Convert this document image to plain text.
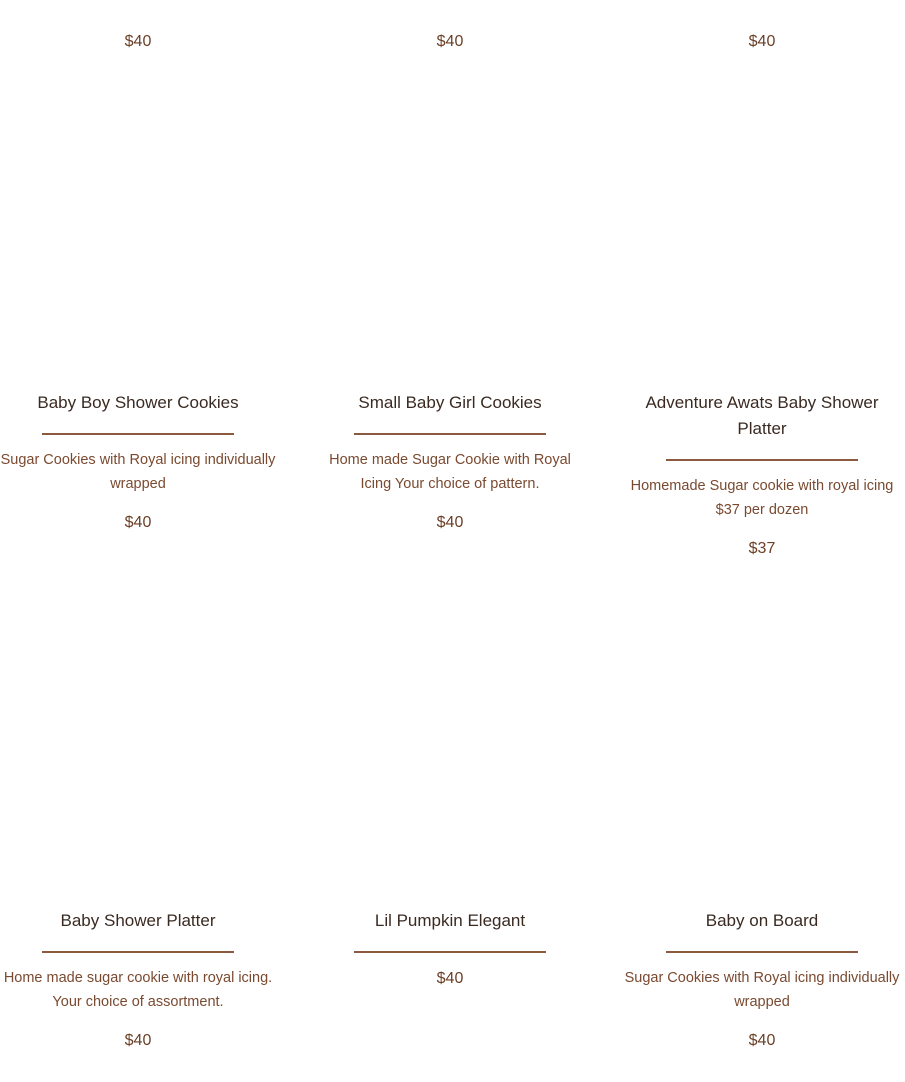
$40	$40	$40
Baby Boy Shower Cookies
Sugar Cookies with Royal icing individually wrapped
$40
Small Baby Girl Cookies
Home made Sugar Cookie with Royal Icing Your choice of pattern.
$40
Adventure Awats Baby Shower Platter
Homemade Sugar cookie with royal icing $37 per dozen
$37
Baby Shower Platter
Home made sugar cookie with royal icing. Your choice of assortment.
$40
Lil Pumpkin Elegant
$40
Baby on Board
Sugar Cookies with Royal icing individually wrapped
$40
